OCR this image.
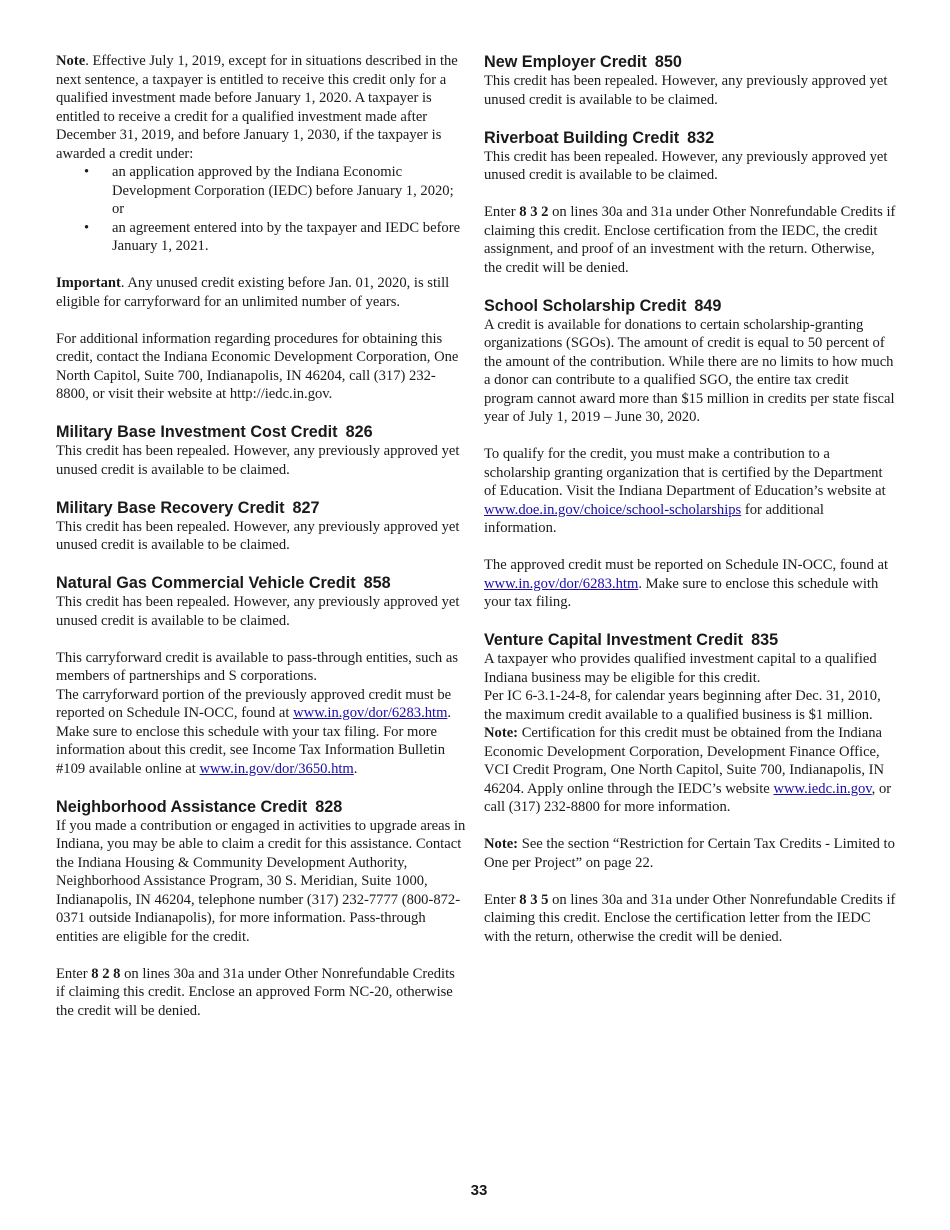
Note. Effective July 1, 2019, except for in situations described in the next sentence, a taxpayer is entitled to receive this credit only for a qualified investment made before January 1, 2020. A taxpayer is entitled to receive a credit for a qualified investment made after December 31, 2019, and before January 1, 2030, if the taxpayer is awarded a credit under:

• an application approved by the Indiana Economic Development Corporation (IEDC) before January 1, 2020; or
• an agreement entered into by the taxpayer and IEDC before January 1, 2021.

Important. Any unused credit existing before Jan. 01, 2020, is still eligible for carryforward for an unlimited number of years.

For additional information regarding procedures for obtaining this credit, contact the Indiana Economic Development Corporation, One North Capitol, Suite 700, Indianapolis, IN 46204, call (317) 232-8800, or visit their website at http://iedc.in.gov.

Military Base Investment Cost Credit 826

This credit has been repealed. However, any previously approved yet unused credit is available to be claimed.

Military Base Recovery Credit 827

This credit has been repealed. However, any previously approved yet unused credit is available to be claimed.

Natural Gas Commercial Vehicle Credit 858

This credit has been repealed. However, any previously approved yet unused credit is available to be claimed.

This carryforward credit is available to pass-through entities, such as members of partnerships and S corporations.

The carryforward portion of the previously approved credit must be reported on Schedule IN-OCC, found at www.in.gov/dor/6283.htm. Make sure to enclose this schedule with your tax filing. For more information about this credit, see Income Tax Information Bulletin #109 available online at www.in.gov/dor/3650.htm.

Neighborhood Assistance Credit 828

If you made a contribution or engaged in activities to upgrade areas in Indiana, you may be able to claim a credit for this assistance. Contact the Indiana Housing & Community Development Authority, Neighborhood Assistance Program, 30 S. Meridian, Suite 1000, Indianapolis, IN 46204, telephone number (317) 232-7777 (800-872-0371 outside Indianapolis), for more information. Pass-through entities are eligible for the credit.

Enter 8 2 8 on lines 30a and 31a under Other Nonrefundable Credits if claiming this credit. Enclose an approved Form NC-20, otherwise the credit will be denied.

New Employer Credit 850

This credit has been repealed. However, any previously approved yet unused credit is available to be claimed.

Riverboat Building Credit 832

This credit has been repealed. However, any previously approved yet unused credit is available to be claimed.

Enter 8 3 2 on lines 30a and 31a under Other Nonrefundable Credits if claiming this credit. Enclose certification from the IEDC, the credit assignment, and proof of an investment with the return. Otherwise, the credit will be denied.

School Scholarship Credit 849

A credit is available for donations to certain scholarship-granting organizations (SGOs). The amount of credit is equal to 50 percent of the amount of the contribution. While there are no limits to how much a donor can contribute to a qualified SGO, the entire tax credit program cannot award more than $15 million in credits per state fiscal year of July 1, 2019 – June 30, 2020.

To qualify for the credit, you must make a contribution to a scholarship granting organization that is certified by the Department of Education. Visit the Indiana Department of Education’s website at www.doe.in.gov/choice/school-scholarships for additional information.

The approved credit must be reported on Schedule IN-OCC, found at www.in.gov/dor/6283.htm. Make sure to enclose this schedule with your tax filing.

Venture Capital Investment Credit 835

A taxpayer who provides qualified investment capital to a qualified Indiana business may be eligible for this credit.

Per IC 6-3.1-24-8, for calendar years beginning after Dec. 31, 2010, the maximum credit available to a qualified business is $1 million. Note: Certification for this credit must be obtained from the Indiana Economic Development Corporation, Development Finance Office, VCI Credit Program, One North Capitol, Suite 700, Indianapolis, IN 46204. Apply online through the IEDC’s website www.iedc.in.gov, or call (317) 232-8800 for more information.

Note: See the section “Restriction for Certain Tax Credits - Limited to One per Project” on page 22.

Enter 8 3 5 on lines 30a and 31a under Other Nonrefundable Credits if claiming this credit. Enclose the certification letter from the IEDC with the return, otherwise the credit will be denied.

33
